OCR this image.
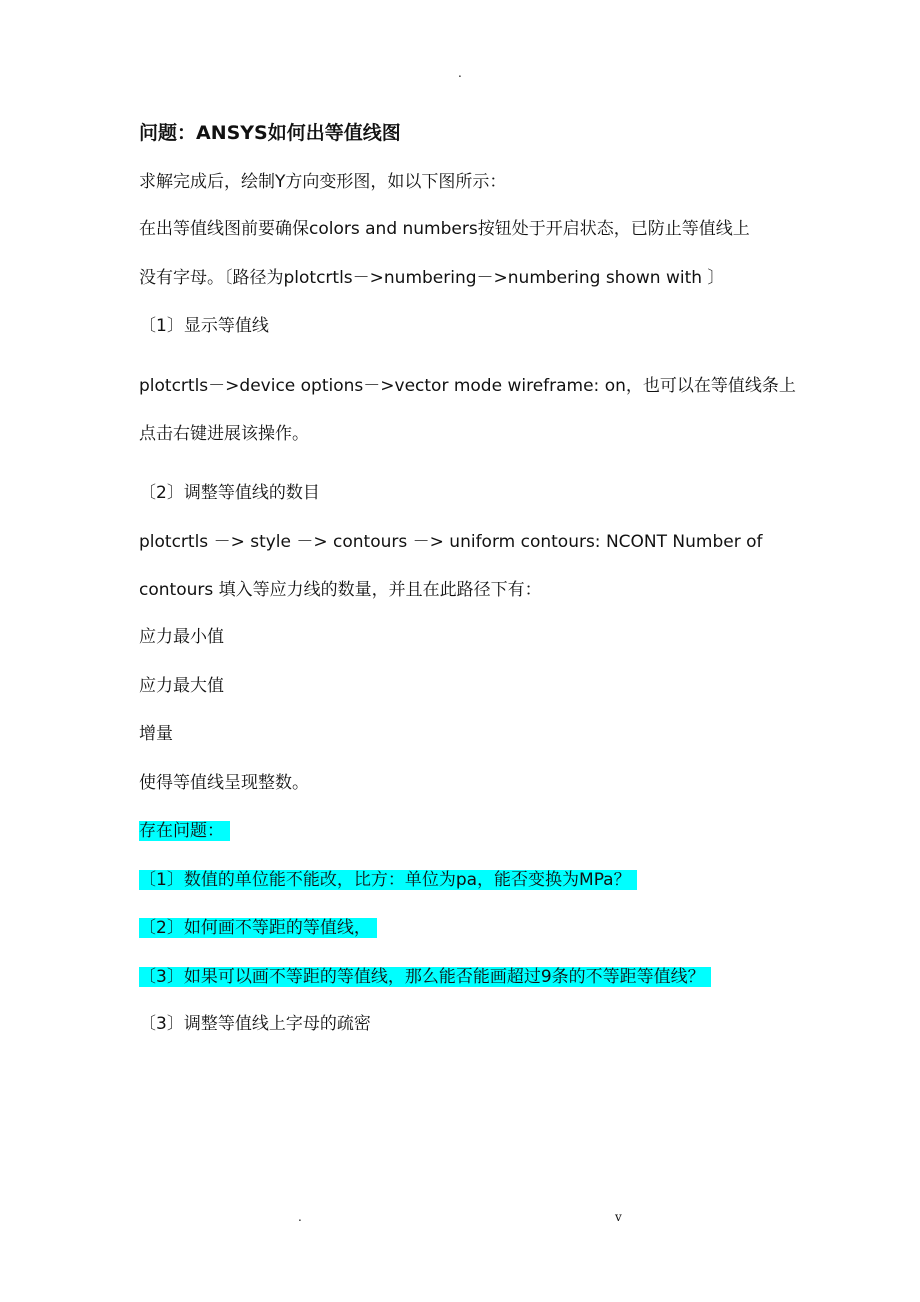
.
问题：ANSYS如何出等值线图
求解完成后，绘制Y方向变形图，如以下图所示：
在出等值线图前要确保colors and numbers按钮处于开启状态，已防止等值线上
没有字母。〔路径为plotcrtls－>numbering－>numbering shown with 〕
〔1〕显示等值线
plotcrtls－>device options－>vector mode wireframe: on，也可以在等值线条上
点击右键进展该操作。
〔2〕调整等值线的数目
plotcrtls －> style －> contours －> uniform contours: NCONT Number of
contours 填入等应力线的数量，并且在此路径下有：
应力最小值
应力最大值
增量
使得等值线呈现整数。
存在问题：
〔1〕数值的单位能不能改，比方：单位为pa，能否变换为MPa？
〔2〕如何画不等距的等值线，
〔3〕如果可以画不等距的等值线，那么能否能画超过9条的不等距等值线？
〔3〕调整等值线上字母的疏密
.	v
